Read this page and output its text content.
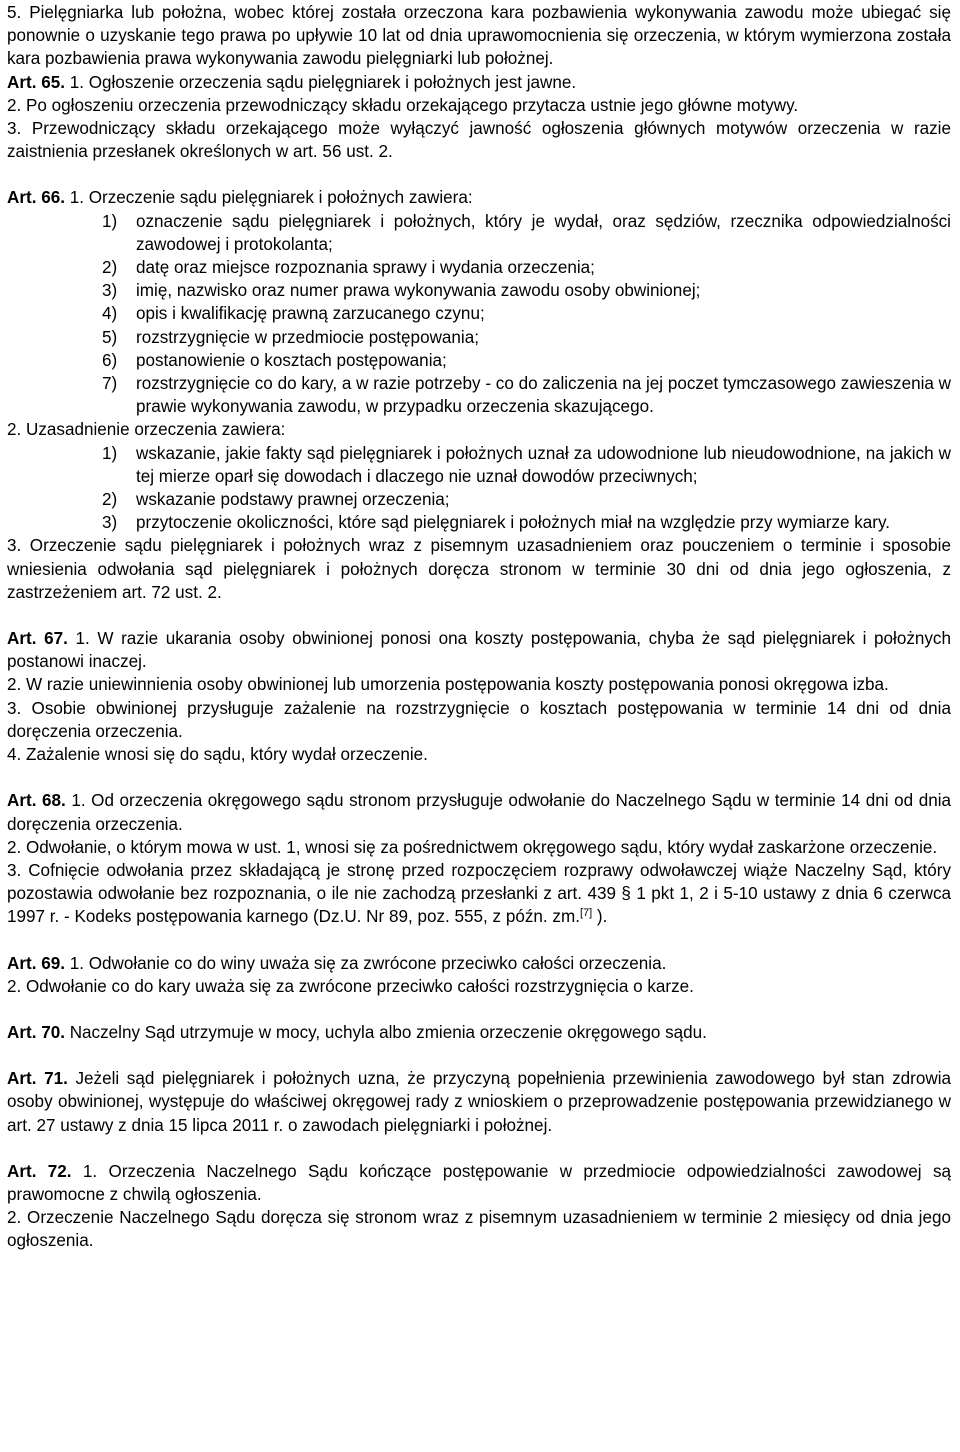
5. Pielęgniarka lub położna, wobec której została orzeczona kara pozbawienia wykonywania zawodu może ubiegać się ponownie o uzyskanie tego prawa po upływie 10 lat od dnia uprawomocnienia się orzeczenia, w którym wymierzona została kara pozbawienia prawa wykonywania zawodu pielęgniarki lub położnej.

Art. 65. 1. Ogłoszenie orzeczenia sądu pielęgniarek i położnych jest jawne.

2. Po ogłoszeniu orzeczenia przewodniczący składu orzekającego przytacza ustnie jego główne motywy.

3. Przewodniczący składu orzekającego może wyłączyć jawność ogłoszenia głównych motywów orzeczenia w razie zaistnienia przesłanek określonych w art. 56 ust. 2.

Art. 66. 1. Orzeczenie sądu pielęgniarek i położnych zawiera:

1)	oznaczenie sądu pielęgniarek i położnych, który je wydał, oraz sędziów, rzecznika odpowiedzialności zawodowej i protokolanta;
2)	datę oraz miejsce rozpoznania sprawy i wydania orzeczenia;
3)	imię, nazwisko oraz numer prawa wykonywania zawodu osoby obwinionej;
4)	opis i kwalifikację prawną zarzucanego czynu;
5)	rozstrzygnięcie w przedmiocie postępowania;
6)	postanowienie o kosztach postępowania;
7)	rozstrzygnięcie co do kary, a w razie potrzeby - co do zaliczenia na jej poczet tymczasowego zawieszenia w prawie wykonywania zawodu, w przypadku orzeczenia skazującego.

2. Uzasadnienie orzeczenia zawiera:

1)	wskazanie, jakie fakty sąd pielęgniarek i położnych uznał za udowodnione lub nieudowodnione, na jakich w tej mierze oparł się dowodach i dlaczego nie uznał dowodów przeciwnych;
2)	wskazanie podstawy prawnej orzeczenia;
3)	przytoczenie okoliczności, które sąd pielęgniarek i położnych miał na względzie przy wymiarze kary.

3. Orzeczenie sądu pielęgniarek i położnych wraz z pisemnym uzasadnieniem oraz pouczeniem o terminie i sposobie wniesienia odwołania sąd pielęgniarek i położnych doręcza stronom w terminie 30 dni od dnia jego ogłoszenia, z zastrzeżeniem art. 72 ust. 2.

Art. 67. 1. W razie ukarania osoby obwinionej ponosi ona koszty postępowania, chyba że sąd pielęgniarek i położnych postanowi inaczej.

2. W razie uniewinnienia osoby obwinionej lub umorzenia postępowania koszty postępowania ponosi okręgowa izba.

3. Osobie obwinionej przysługuje zażalenie na rozstrzygnięcie o kosztach postępowania w terminie 14 dni od dnia doręczenia orzeczenia.

4. Zażalenie wnosi się do sądu, który wydał orzeczenie.

Art. 68. 1. Od orzeczenia okręgowego sądu stronom przysługuje odwołanie do Naczelnego Sądu w terminie 14 dni od dnia doręczenia orzeczenia.

2. Odwołanie, o którym mowa w ust. 1, wnosi się za pośrednictwem okręgowego sądu, który wydał zaskarżone orzeczenie.

3. Cofnięcie odwołania przez składającą je stronę przed rozpoczęciem rozprawy odwoławczej wiąże Naczelny Sąd, który pozostawia odwołanie bez rozpoznania, o ile nie zachodzą przesłanki z art. 439 § 1 pkt 1, 2 i 5-10 ustawy z dnia 6 czerwca 1997 r. - Kodeks postępowania karnego (Dz.U. Nr 89, poz. 555, z późn. zm.[7] ).

Art. 69. 1. Odwołanie co do winy uważa się za zwrócone przeciwko całości orzeczenia.

2. Odwołanie co do kary uważa się za zwrócone przeciwko całości rozstrzygnięcia o karze.

Art. 70. Naczelny Sąd utrzymuje w mocy, uchyla albo zmienia orzeczenie okręgowego sądu.

Art. 71. Jeżeli sąd pielęgniarek i położnych uzna, że przyczyną popełnienia przewinienia zawodowego był stan zdrowia osoby obwinionej, występuje do właściwej okręgowej rady z wnioskiem o przeprowadzenie postępowania przewidzianego w art. 27 ustawy z dnia 15 lipca 2011 r. o zawodach pielęgniarki i położnej.

Art. 72. 1. Orzeczenia Naczelnego Sądu kończące postępowanie w przedmiocie odpowiedzialności zawodowej są prawomocne z chwilą ogłoszenia.

2. Orzeczenie Naczelnego Sądu doręcza się stronom wraz z pisemnym uzasadnieniem w terminie 2 miesięcy od dnia jego ogłoszenia.
